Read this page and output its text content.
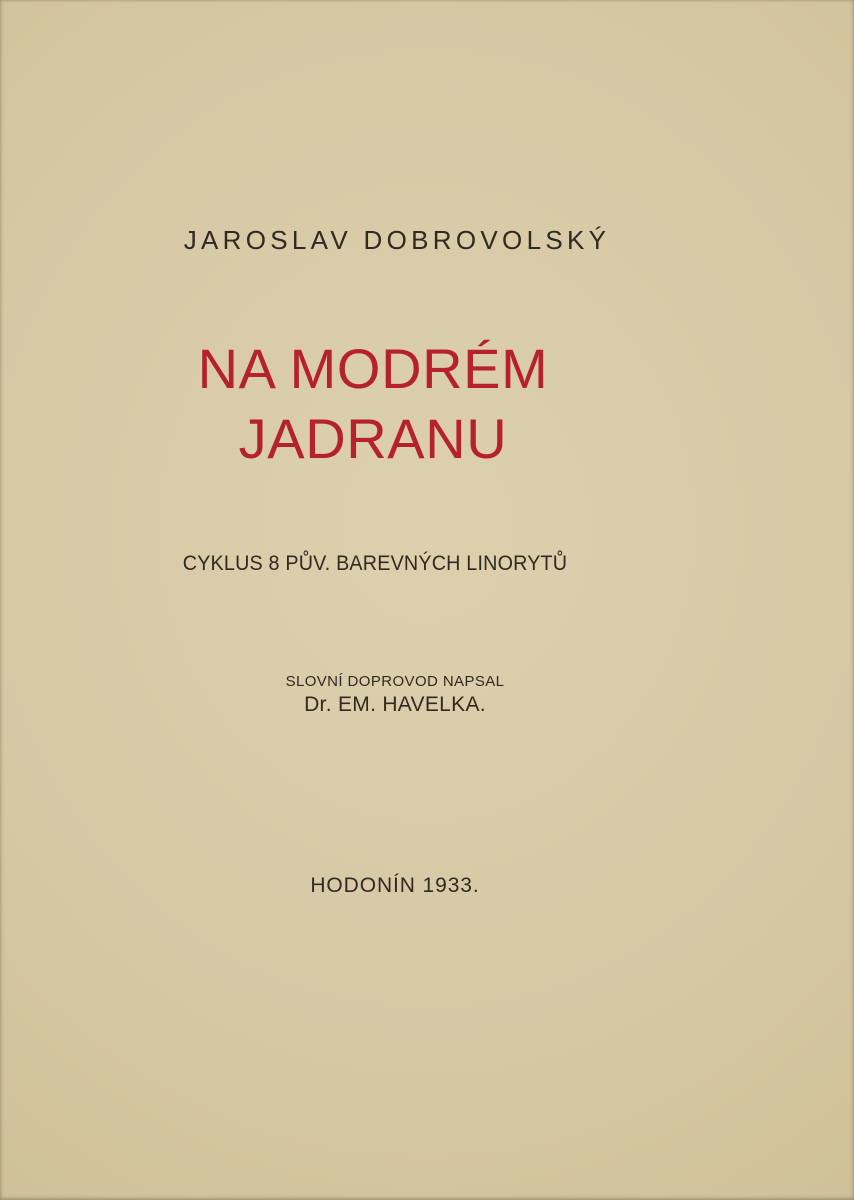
JAROSLAV DOBROVOLSKÝ
NA MODRÉM
JADRANU
CYKLUS 8 PŮV. BAREVNÝCH LINORYTŮ
SLOVNÍ DOPROVOD NAPSAL
Dr. EM. HAVELKA.
HODONÍN 1933.
